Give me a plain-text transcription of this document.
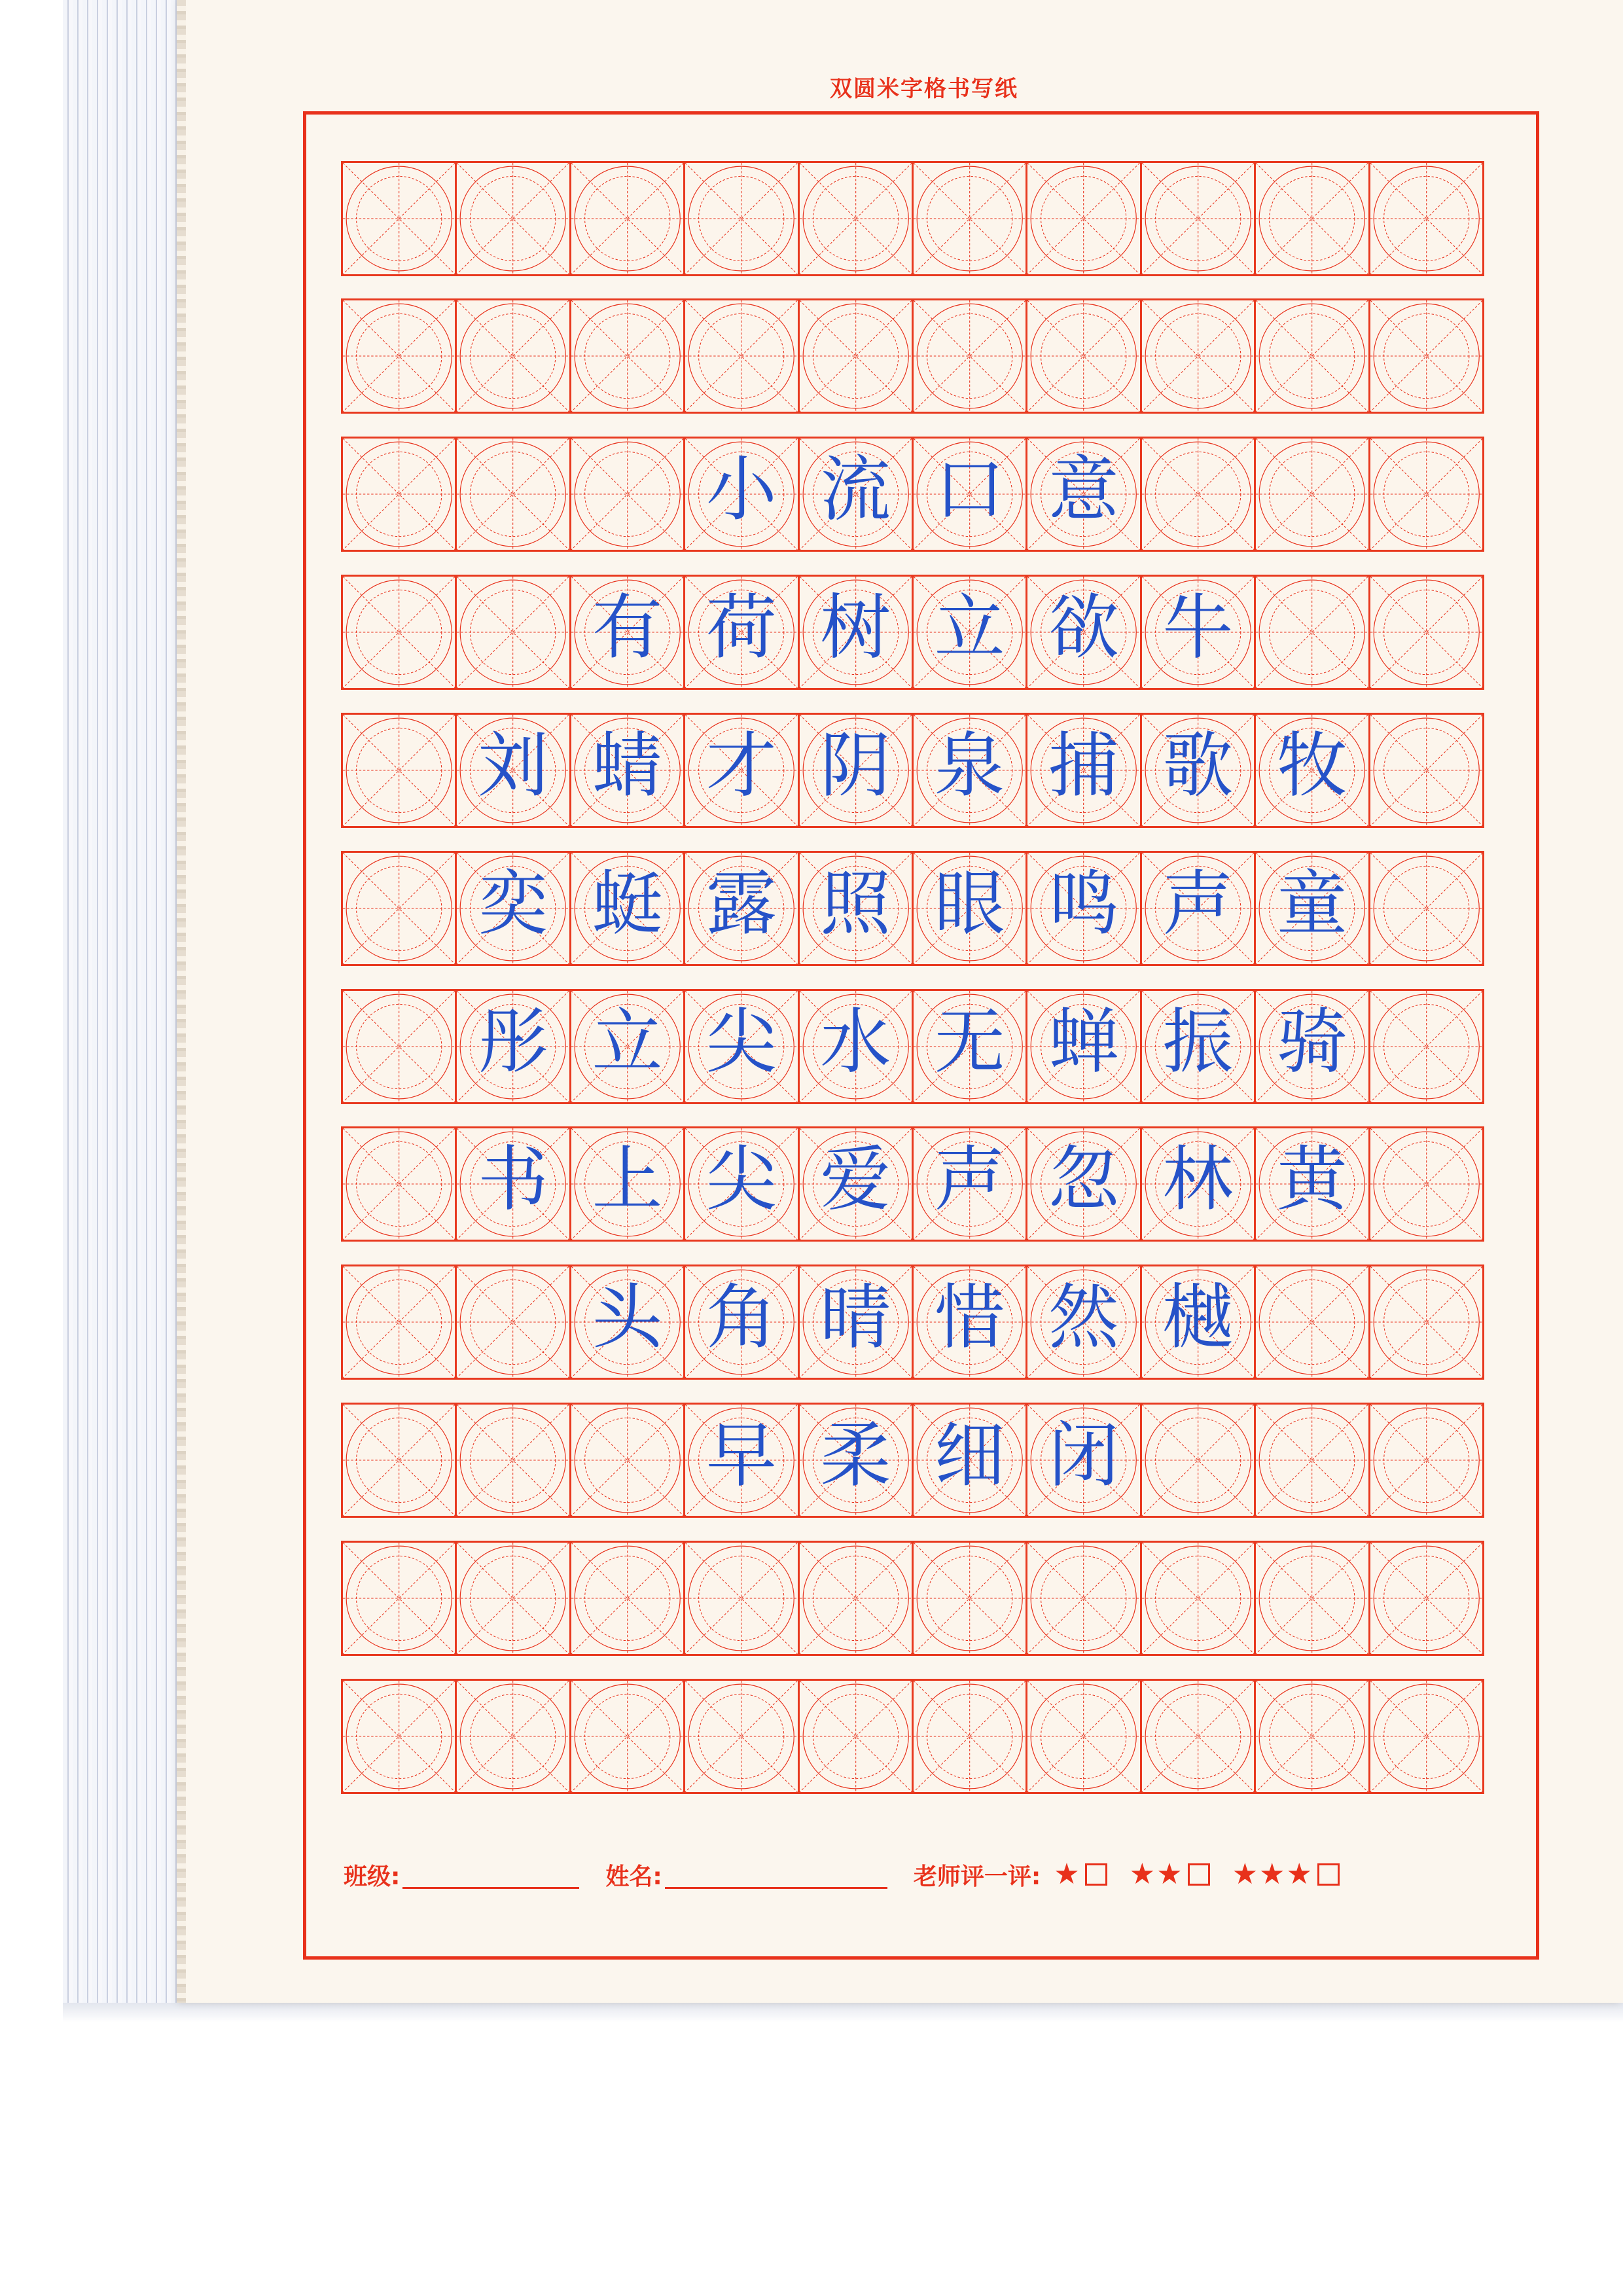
双圆米字格书写纸
小 流 口 意
有 荷 树 立 欲 牛
刘 蜻 才 阴 泉 捕 歌 牧
奕 蜓 露 照 眼 鸣 声 童
彤 立 尖 水 无 蝉 振 骑
书 上 尖 爱 声 忽 林 黄
头 角 晴 惜 然 樾
早 柔 细 闭
班级:	姓名:	老师评一评: ★ ★ ★ ★ ★ ★
